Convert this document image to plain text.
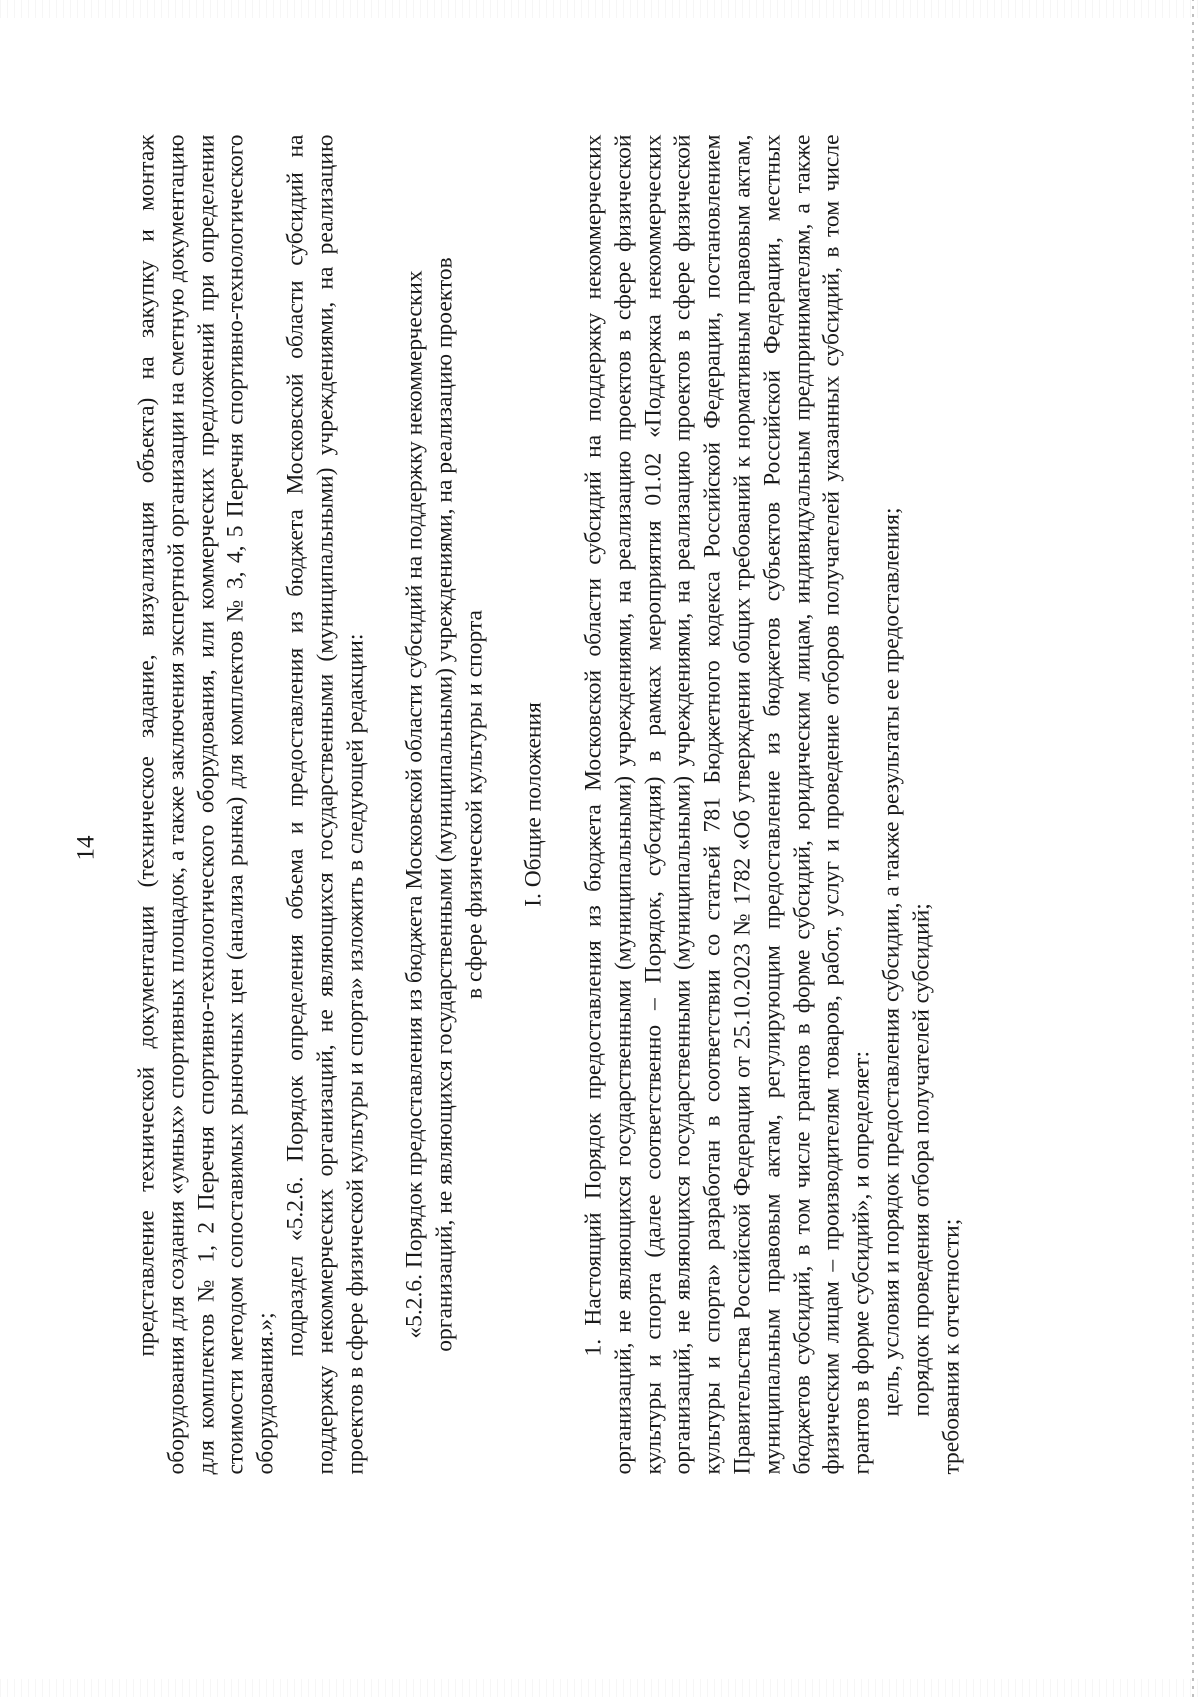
14 представление технической документации (техническое задание, визуализация объекта) на закупку и монтаж оборудования для создания «умных» спортивных площадок, а также заключения экспертной организации на сметную документацию для комплектов № 1, 2 Перечня спортивно-технологического оборудования, или коммерческих предложений при определении стоимости методом сопоставимых рыночных цен (анализа рынка) для комплектов № 3, 4, 5 Перечня спортивно-технологического оборудования.»;

подраздел «5.2.6. Порядок определения объема и предоставления из бюджета Московской области субсидий на поддержку некоммерческих организаций, не являющихся государственными (муниципальными) учреждениями, на реализацию проектов в сфере физической культуры и спорта» изложить в следующей редакции: «5.2.6. Порядок предоставления из бюджета Московской области субсидий на поддержку некоммерческих организаций, не являющихся государственными (муниципальными) учреждениями, на реализацию проектов в сфере физической культуры и спорта I. Общие положения 1. Настоящий Порядок предоставления из бюджета Московской области субсидий на поддержку некоммерческих организаций, не являющихся государственными (муниципальными) учреждениями, на реализацию проектов в сфере физической культуры и спорта (далее соответственно – Порядок, субсидия) в рамках мероприятия 01.02 «Поддержка некоммерческих организаций, не являющихся государственными (муниципальными) учреждениями, на реализацию проектов в сфере физической культуры и спорта» разработан в соответствии со статьей 781 Бюджетного кодекса Российской Федерации, постановлением Правительства Российской Федерации от 25.10.2023 № 1782 «Об утверждении общих требований к нормативным правовым актам, муниципальным правовым актам, регулирующим предоставление из бюджетов субъектов Российской Федерации, местных бюджетов субсидий, в том числе грантов в форме субсидий, юридическим лицам, индивидуальным предпринимателям, а также физическим лицам – производителям товаров, работ, услуг и проведение отборов получателей указанных субсидий, в том числе грантов в форме субсидий», и определяет: цель, условия и порядок предоставления субсидии, а также результаты ее предоставления; порядок проведения отбора получателей субсидий; требования к отчетности;
